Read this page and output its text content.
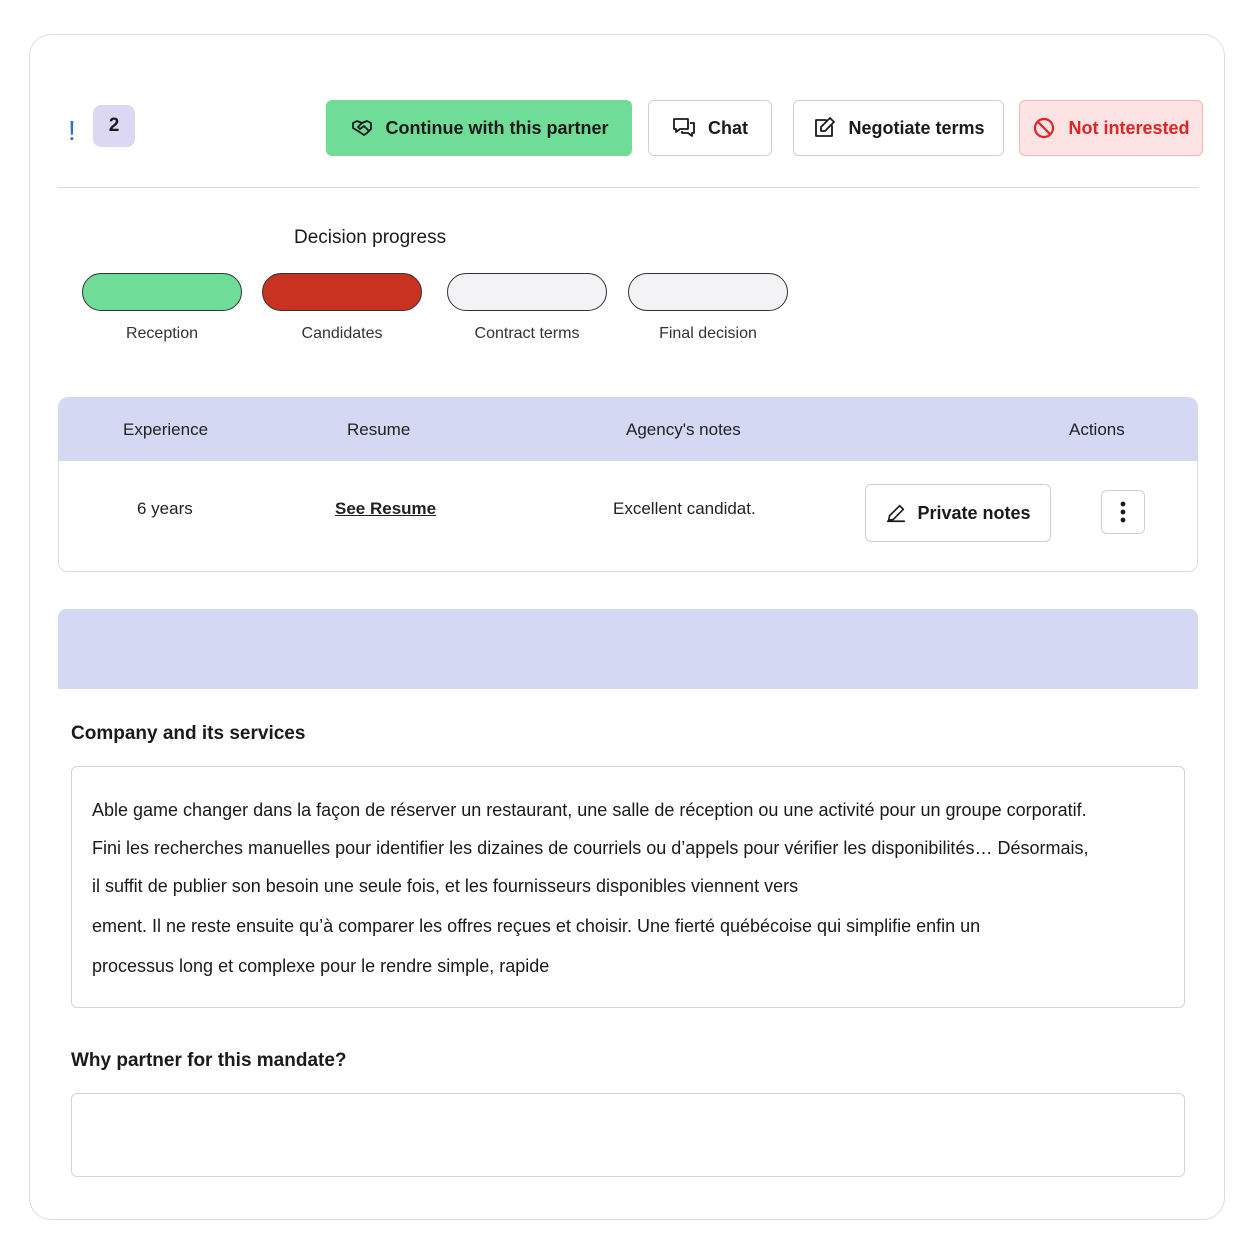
!	2	Continue with this partner	Chat	Negotiate terms	Not interested
Decision progress
Reception	Candidates	Contract terms	Final decision
Experience	Resume	Agency's notes	Actions
6 years	See Resume	Excellent candidat.	Private notes
Company and its services
Able game changer dans la façon de réserver un restaurant, une salle de réception ou une activité pour un groupe corporatif.
Fini les recherches manuelles pour identifier les dizaines de courriels ou d’appels pour vérifier les disponibilités… Désormais,
il suffit de publier son besoin une seule fois, et les fournisseurs disponibles viennent vers
ement. Il ne reste ensuite qu’à comparer les offres reçues et choisir. Une fierté québécoise qui simplifie enfin un
processus long et complexe pour le rendre simple, rapide
Why partner for this mandate?
